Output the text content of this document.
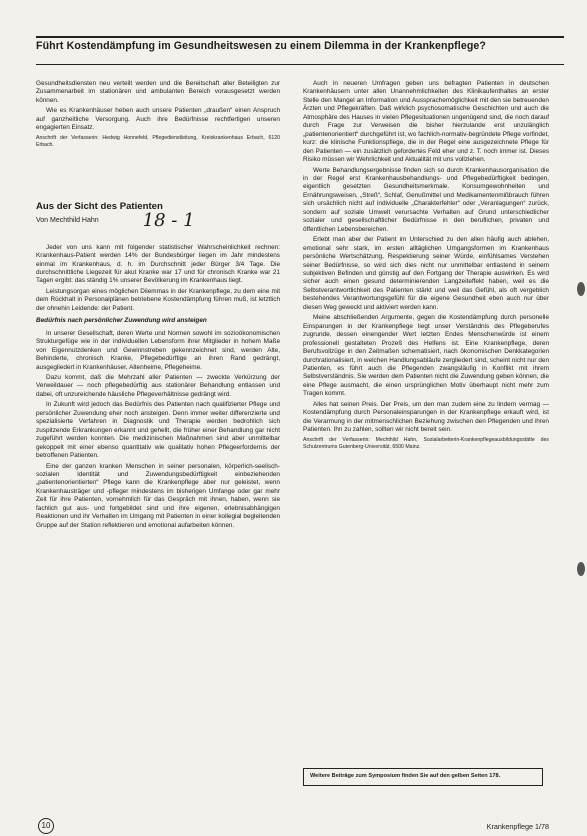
Führt Kostendämpfung im Gesundheitswesen zu einem Dilemma in der Krankenpflege?

Gesundheitsdiensten neu verteilt werden und die Bereitschaft aller Beteiligten zur Zusammenarbeit im stationären und ambulanten Bereich vorausgesetzt werden können.

Wie es Krankenhäuser heben auch unsere Patienten „draußen“ einen Anspruch auf ganzheitliche Versorgung. Auch ihre Bedürfnisse rechtfertigen unseren engagierten Einsatz.

Anschrift der Verfasserin: Hedwig Honnefeld, Pflegedienstleitung, Kreiskrankenhaus Erbach, 6120 Erbach.
Aus der Sicht des Patienten
Von Mechthild Hahn 18 - 1

Jeder von uns kann mit folgender statistischer Wahrscheinlichkeit rechnen: Krankenhaus-Patient werden 14% der Bundesbürger liegen im Jahr mindestens einmal im Krankenhaus, d. h. im Durchschnitt jeder Bürger 3/4 Tage. Die durchschnittliche Liegezeit für akut Kranke war 17 und für chronisch Kranke war 21 Tagen ergibt: das ständig 1% unserer Bevölkerung im Krankenhaus liegt.

Leistungsorgan eines möglichen Dilemmas in der Krankenpflege, zu dem eine mit dem Rückhalt in Personalplänen betriebene Kostendämpfung führen muß, ist letztlich der ohnehin Leidende: der Patient.

Bedürfnis nach persönlicher Zuwendung wird ansteigen

In unserer Gesellschaft, deren Werte und Normen sowohl im sozioökonomischen Strukturgefüge wie in der individuellen Lebensform ihrer Mitglieder in hohem Maße von Eigennutzdenken und Gewinnstreben gekennzeichnet sind, werden Alte, Behinderte, chronisch Kranke, Pflegebedürftige an ihren Rand gedrängt, ausgegliedert in Krankenhäuser, Altenheime, Pflegeheime.

Dazu kommt, daß die Mehrzahl aller Patienten — zweckte Verkürzung der Verweildauer — noch pflegebedürftig aus stationärer Behandlung entlassen und dabei, oft unzureichende häusliche Pflegeverhältnisse gedrängt wird.

In Zukunft wird jedoch das Bedürfnis des Patienten nach qualifizierter Pflege und persönlicher Zuwendung eher noch ansteigen. Denn immer weiter differenzierte und spezialisierte Verfahren in Diagnostik und Therapie werden bedrohlich sich zuspitzende Erkrankungen erkannt und gehellt, die früher einer Behandlung gar nicht zugeführt werden konnten. Die medizinischen Maßnahmen sind aber unmittelbar gekoppelt mit einer ebenso quantitativ wie qualitativ hohen Pflegeerfordernis der betroffenen Patienten.

Eine der ganzen kranken Menschen in seiner personalen, körperlich-seelisch-sozialen Identität und Zuwendungsbedürftigkeit einbeziehenden „patientenorientierten“ Pflege kann die Krankenpflege aber nur geleistet, wenn Krankenhausträger und -pfleger mindestens im bisherigen Umfange oder gar mehr Zeit für ihre Patienten, vornehmlich für das Gespräch mit ihnen, haben, wenn sie fachlich gut aus- und fortgebildet sind und ihre eigenen, erlebnisabhängigen Reaktionen und ihr Verhalten im Umgang mit Patienten in einer kollegial begleitenden Gruppe auf der Station reflektieren und emotional aufarbeiten können.

Auch in neueren Umfragen geben uns befragten Patienten in deutschen Krankenhäusern unter allen Unannehmlichkeiten des Klinikaufenthaltes an erster Stelle den Mangel an Information und Aussprachemöglichkeit mit den sie betreuenden Ärzten und Pflegekräften. Daß wirklich psychosomatische Geschichten und auch die Atmosphäre des Hauses in vielen Pflegesituationen ungenügend sind, die noch darauf durch Frage zur Verweisen die bisher hierzulande erst unzulänglich „patientenorientiert“ durchgeführt ist, wo fachlich-normativ-begründete Pflege vorfindet, kurz: die klinische Funktionspflege, die in der Regel eine ausgezeichnete Pflege für den Patienten — ein zusätzlich gefordertes Feld eher und z. T. noch immer ist. Dieses Risiko müssen wir Wehrlichkeit und Aktualität mit uns vollziehen.

Werte Behandlungsergebnisse finden sich so durch Krankenhausorganisation die in der Regel erst Krankenhausbehandlungs- und Pflegebedürftigkeit bedingen, eigentlich gesetzten Gesundheitsmerkmale. Konsumgewohnheiten und Ernährungsweisen, „Streß“, Schlaf, Genußmittel und Medikamentenmißbrauch führen sich ursächlich nicht auf individuelle „Charakterfehler“ oder „Veranlagungen“ zurück, sondern auf soziale Umwelt verursachte Verhalten auf Grund unterschiedlicher sozialer und gesellschaftlicher Bedürfnisse in den beruflichen, privaten und öffentlichen Lebensbereichen.

Erlebt man aber der Patient im Unterschied zu den allen häufig auch ablehen, emotional sehr stark, im ersten alltäglichen Umgangsformen im Krankenhaus persönliche Wertschätzung, Respektierung seiner Würde, einfühlsames Verstehen seiner Bedürfnisse, so wird sich dies nicht nur unmittelbar entlastend in seinem subjektiven Befinden und günstig auf den Fortgang der Therapie auswirken. Es wird sicher auch einen gesund determinierenden Langzeiteffekt haben, weil es die Selbstverantwortlichkeit des Patienten stärkt und weil das Gefühl, als oft vergeblich bestehendes Verantwortungsgefühl für die eigene Gesundheit eben auch nur über diesen Weg geweckt und aktiviert werden kann.

Meine abschließenden Argumente, gegen die Kostendämpfung durch personelle Einsparungen in der Krankenpflege liegt unser Verständnis des Pflegeberufes zugrunde, dessen einengender Wert letzten Endes Menschenwürde ist einem professionell gestalteten Prozeß des Helfens ist. Eine Krankenpflege, deren Berufsvollzüge in den Zeitmaßen schematisiert, nach ökonomischen Denkkategorien durchrationalisiert, in welchen Handlungsabläufe zergliedert sind, scheint nicht nur den Patienten, es führt auch die Pflegenden zwangsläufig in Konflikt mit ihrem Selbstverständnis. Sie werden dem Patienten nicht die Zuwendung geben können, die eine Pflege ausmacht, die einen ursprünglichen Motiv überhaupt nicht mehr zum Tragen kommt.

Alles hat seinen Preis. Der Preis, um den man zudem eine zu lindern vermag — Kostendämpfung durch Personaleinsparungen in der Krankenpflege erkauft wird, ist die Verarmung in der mitmenschlichen Beziehung zwischen den Pflegenden und ihren Patienten. Ihn zu zahlen, sollten wir nicht bereit sein.

Anschrift der Verfasserin: Mechthild Hahn, Sozialarbeiterin-Krankenpflegeausbildungsstätte des Schulzentrums Gutenberg-Universität, 6500 Mainz.
Weitere Beiträge zum Symposium finden Sie auf den gelben Seiten 178.
10	Krankenpflege 1/78
